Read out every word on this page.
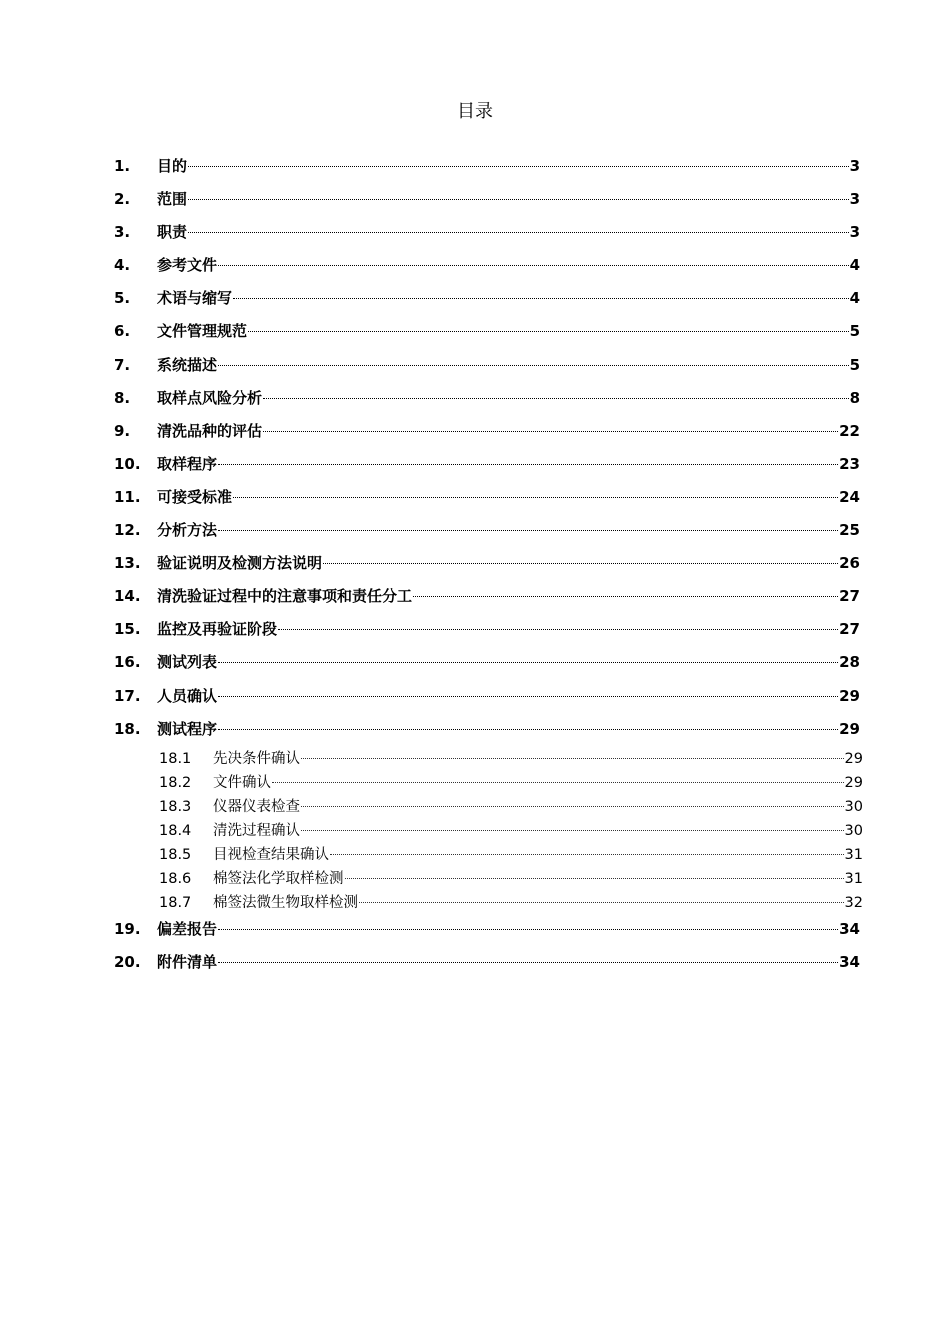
目录
1.	目的	3
2.	范围	3
3.	职责	3
4.	参考文件	4
5.	术语与缩写	4
6.	文件管理规范	5
7.	系统描述	5
8.	取样点风险分析	8
9.	清洗品种的评估	22
10.	取样程序	23
11.	可接受标准	24
12.	分析方法	25
13.	验证说明及检测方法说明	26
14.	清洗验证过程中的注意事项和责任分工	27
15.	监控及再验证阶段	27
16.	测试列表	28
17.	人员确认	29
18.	测试程序	29
18.1	先决条件确认	29
18.2	文件确认	29
18.3	仪器仪表检查	30
18.4	清洗过程确认	30
18.5	目视检查结果确认	31
18.6	棉签法化学取样检测	31
18.7	棉签法微生物取样检测	32
19.	偏差报告	34
20.	附件清单	34
